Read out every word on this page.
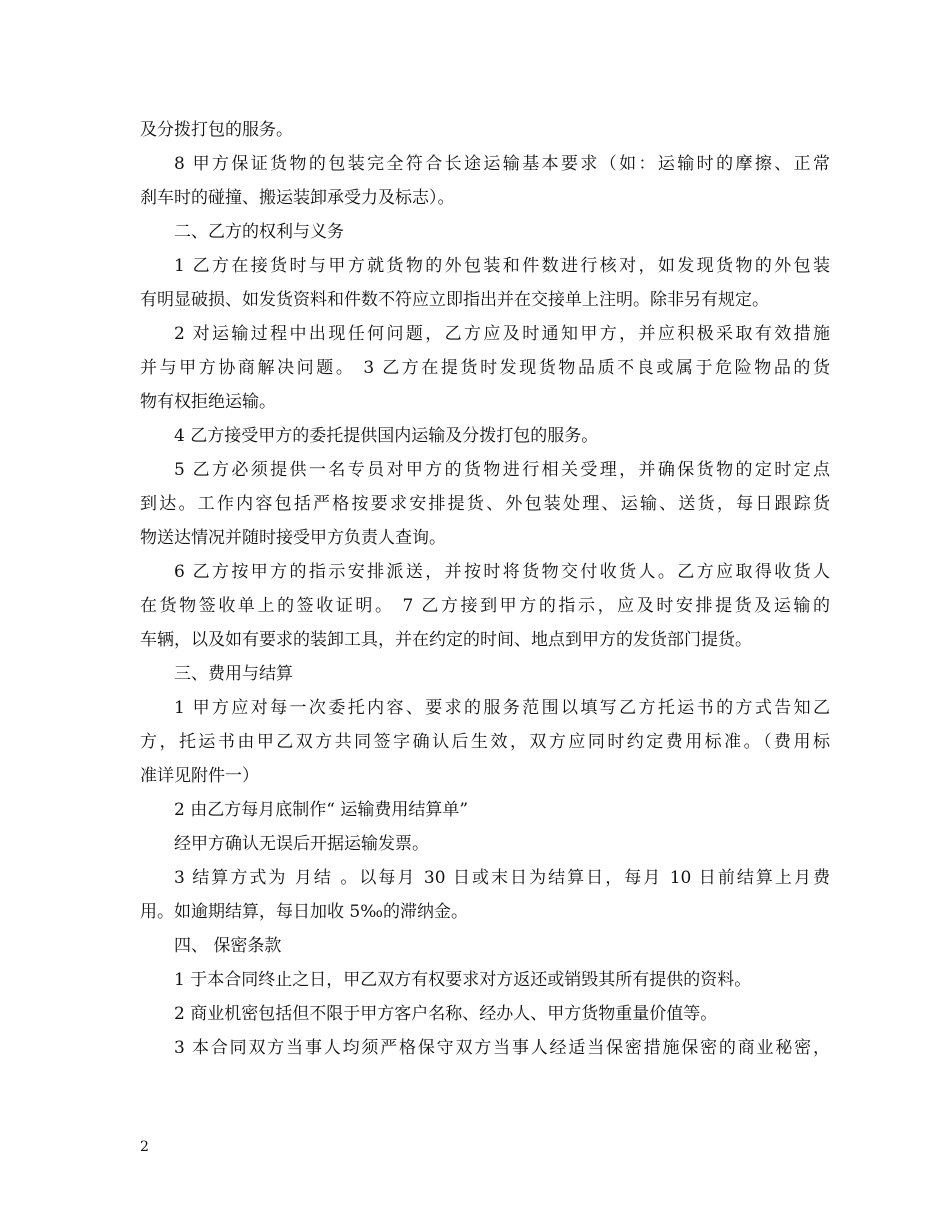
及分拨打包的服务。
8 甲方保证货物的包装完全符合长途运输基本要求（如：运输时的摩擦、正常
刹车时的碰撞、搬运装卸承受力及标志）。
二、乙方的权利与义务
1 乙方在接货时与甲方就货物的外包装和件数进行核对，如发现货物的外包装
有明显破损、如发货资料和件数不符应立即指出并在交接单上注明。除非另有规定。
2 对运输过程中出现任何问题，乙方应及时通知甲方，并应积极采取有效措施
并与甲方协商解决问题。 3 乙方在提货时发现货物品质不良或属于危险物品的货
物有权拒绝运输。
4 乙方接受甲方的委托提供国内运输及分拨打包的服务。
5 乙方必须提供一名专员对甲方的货物进行相关受理，并确保货物的定时定点
到达。工作内容包括严格按要求安排提货、外包装处理、运输、送货，每日跟踪货
物送达情况并随时接受甲方负责人查询。
6 乙方按甲方的指示安排派送，并按时将货物交付收货人。乙方应取得收货人
在货物签收单上的签收证明。 7 乙方接到甲方的指示，应及时安排提货及运输的
车辆，以及如有要求的装卸工具，并在约定的时间、地点到甲方的发货部门提货。
三、费用与结算
1 甲方应对每一次委托内容、要求的服务范围以填写乙方托运书的方式告知乙
方，托运书由甲乙双方共同签字确认后生效，双方应同时约定费用标准。（费用标
准详见附件一）
2 由乙方每月底制作“ 运输费用结算单”
经甲方确认无误后开据运输发票。
3 结算方式为 月结 。以每月 30 日或末日为结算日，每月 10 日前结算上月费
用。如逾期结算，每日加收 5‰的滞纳金。
四、 保密条款
1 于本合同终止之日，甲乙双方有权要求对方返还或销毁其所有提供的资料。
2 商业机密包括但不限于甲方客户名称、经办人、甲方货物重量价值等。
3 本合同双方当事人均须严格保守双方当事人经适当保密措施保密的商业秘密，
2
